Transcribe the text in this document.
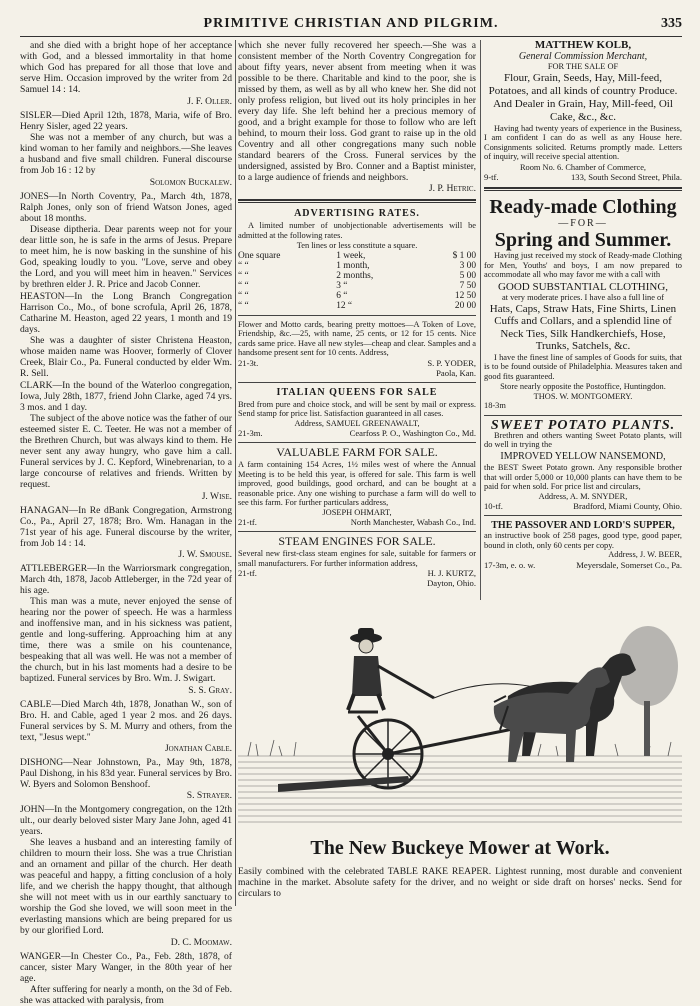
PRIMITIVE CHRISTIAN AND PILGRIM.	335

and she died with a bright hope of her acceptance with God, and a blessed immortality in that home which God has prepared for all those that love and serve Him. Occasion improved by the writer from 2d Samuel 14 : 14.

J. F. Oller.

SISLER—Died April 12th, 1878, Maria, wife of Bro. Henry Sisler, aged 22 years.

She was not a member of any church, but was a kind woman to her family and neighbors.—She leaves a husband and five small children. Funeral discourse from Job 16 : 12 by

Solomon Buckalew.

JONES—In North Coventry, Pa., March 4th, 1878, Ralph Jones, only son of friend Watson Jones, aged about 18 months.

Disease diptheria. Dear parents weep not for your dear little son, he is safe in the arms of Jesus. Prepare to meet him, he is now basking in the sunshine of his God, speaking loudly to you. "Love, serve and obey the Lord, and you will meet him in heaven." Services by brethren elder J. R. Price and Jacob Conner.

HEASTON—In the Long Branch Congregation Harrison Co., Mo., of bone scrofula, April 26, 1878, Catharine M. Heaston, aged 22 years, 1 month and 19 days.

She was a daughter of sister Christena Heaston, whose maiden name was Hoover, formerly of Clover Creek, Blair Co., Pa. Funeral conducted by elder Wm. R. Sell.

CLARK—In the bound of the Waterloo congregation, Iowa, July 28th, 1877, friend John Clarke, aged 74 yrs. 3 mos. and 1 day.

The subject of the above notice was the father of our esteemed sister E. C. Teeter. He was not a member of the Brethren Church, but was always kind to them. He never sent any away hungry, who gave him a call. Funeral services by J. C. Kepford, Winebrenarian, to a large concourse of relatives and friends. Written by request.

J. Wise.

HANAGAN—In Re dBank Congregation, Armstrong Co., Pa., April 27, 1878; Bro. Wm. Hanagan in the 71st year of his age. Funeral discourse by the writer, from Job 14 : 14.

J. W. Smouse.

ATTLEBERGER—In the Warriorsmark congregation, March 4th, 1878, Jacob Attleberger, in the 72d year of his age.

This man was a mute, never enjoyed the sense of hearing nor the power of speech. He was a harmless and inoffensive man, and in his sickness was patient, gentle and long-suffering. Approaching him at any time, there was a smile on his countenance, bespeaking that all was well. He was not a member of the church, but in his last moments had a desire to be baptized. Funeral services by Bro. Wm. J. Swigart.

S. S. Gray.

CABLE—Died March 4th, 1878, Jonathan W., son of Bro. H. and Cable, aged 1 year 2 mos. and 26 days. Funeral services by S. M. Murry and others, from the text, "Jesus wept."

Jonathan Cable.

DISHONG—Near Johnstown, Pa., May 9th, 1878, Paul Dishong, in his 83d year. Funeral services by Bro. W. Byers and Solomon Benshoof.

S. Strayer.

JOHN—In the Montgomery congregation, on the 12th ult., our dearly beloved sister Mary Jane John, aged 41 years.

She leaves a husband and an interesting family of children to mourn their loss. She was a true Christian and an ornament and pillar of the church. Her death was peaceful and happy, a fitting conclusion of a holy life, and we cherish the happy thought, that although she will not meet with us in our earthly sanctuary to worship the God she loved, we will soon meet in the everlasting mansions which are being prepared for us by our glorified Lord.

D. C. Moomaw.

WANGER—In Chester Co., Pa., Feb. 28th, 1878, of cancer, sister Mary Wanger, in the 80th year of her age.

After suffering for nearly a month, on the 3d of Feb. she was attacked with paralysis, from

which she never fully recovered her speech.—She was a consistent member of the North Coventry Congregation for about fifty years, never absent from meeting when it was possible to be there. Charitable and kind to the poor, she is missed by them, as well as by all who knew her. She did not only profess religion, but lived out its holy principles in her every day life. She left behind her a precious memory of good, and a bright example for those to follow who are left behind, to mourn their loss. God grant to raise up in the old Coventry and all other congregations many such noble standard bearers of the Cross. Funeral services by the undersigned, assisted by Bro. Conner and a Baptist minister, to a large audience of friends and neighbors.

J. P. Hetric.

ADVERTISING RATES.

A limited number of unobjectionable advertisements will be admitted at the following rates.

Ten lines or less constitute a square.
One square	1 week,	$ 1 00
“ “	1 month,	3 00
“ “	2 months,	5 00
“ “	3 “	7 50
“ “	6 “	12 50
“ “	12 “	20 00

Flower and Motto cards, bearing pretty mottoes—A Token of Love, Friendship, &c.—25, with name, 25 cents, or 12 for 15 cents. Nice cards same price. Have all new styles—cheap and clear. Samples and a handsome present sent for 10 cents. Address,

21-3t.	S. P. YODER,
Paola, Kan.
ITALIAN QUEENS FOR SALE

Bred from pure and choice stock, and will be sent by mail or express. Send stamp for price list. Satisfaction guaranteed in all cases.

Address, SAMUEL GREENAWALT,
21-3m.	Cearfoss P. O., Washington Co., Md.
VALUABLE FARM FOR SALE.

A farm containing 154 Acres, 1½ miles west of where the Annual Meeting is to be held this year, is offered for sale. This farm is well improved, good buildings, good orchard, and can be bought at a reasonable price. Any one wishing to purchase a farm will do well to see this farm. For further particulars address,

JOSEPH OHMART,
21-tf.	North Manchester, Wabash Co., Ind.
STEAM ENGINES FOR SALE.

Several new first-class steam engines for sale, suitable for farmers or small manufacturers. For further information address,

21-tf.	H. J. KURTZ,
Dayton, Ohio.
MATTHEW KOLB,
General Commission Merchant,
FOR THE SALE OF
Flour, Grain, Seeds, Hay, Mill-feed, Potatoes, and all kinds of country Produce. And Dealer in Grain, Hay, Mill-feed, Oil Cake, &c., &c.

Having had twenty years of experience in the Business, I am confident I can do as well as any House here. Consignments solicited. Returns promptly made. Letters of inquiry, will receive special attention.

Room No. 6. Chamber of Commerce,
9-tf.	133, South Second Street, Phila.
Ready-made Clothing
—FOR—
Spring and Summer.

Having just received my stock of Ready-made Clothing for Men, Youths' and boys, I am now prepared to accommodate all who may favor me with a call with

GOOD SUBSTANTIAL CLOTHING,
at very moderate prices. I have also a full line of
Hats, Caps, Straw Hats, Fine Shirts, Linen Cuffs and Collars, and a splendid line of Neck Ties, Silk Handkerchiefs, Hose, Trunks, Satchels, &c.

I have the finest line of samples of Goods for suits, that is to be found outside of Philadelphia. Measures taken and good fits guaranteed.

Store nearly opposite the Postoffice, Huntingdon.
THOS. W. MONTGOMERY.
18-3m
SWEET POTATO PLANTS.

Brethren and others wanting Sweet Potato plants, will do well in trying the

IMPROVED YELLOW NANSEMOND,

the BEST Sweet Potato grown. Any responsible brother that will order 5,000 or 10,000 plants can have them to be paid for when sold. For price list and circulars,

Address, A. M. SNYDER,
10-tf.	Bradford, Miami County, Ohio.
THE PASSOVER AND LORD'S SUPPER,

an instructive book of 258 pages, good type, good paper, bound in cloth, only 60 cents per copy.

Address, J. W. BEER,
17-3m, e. o. w.	Meyersdale, Somerset Co., Pa.
The New Buckeye Mower at Work.
Easily combined with the celebrated TABLE RAKE REAPER. Lightest running, most durable and convenient machine in the market. Absolute safety for the driver, and no weight or side draft on horses' necks. Send for circulars to
